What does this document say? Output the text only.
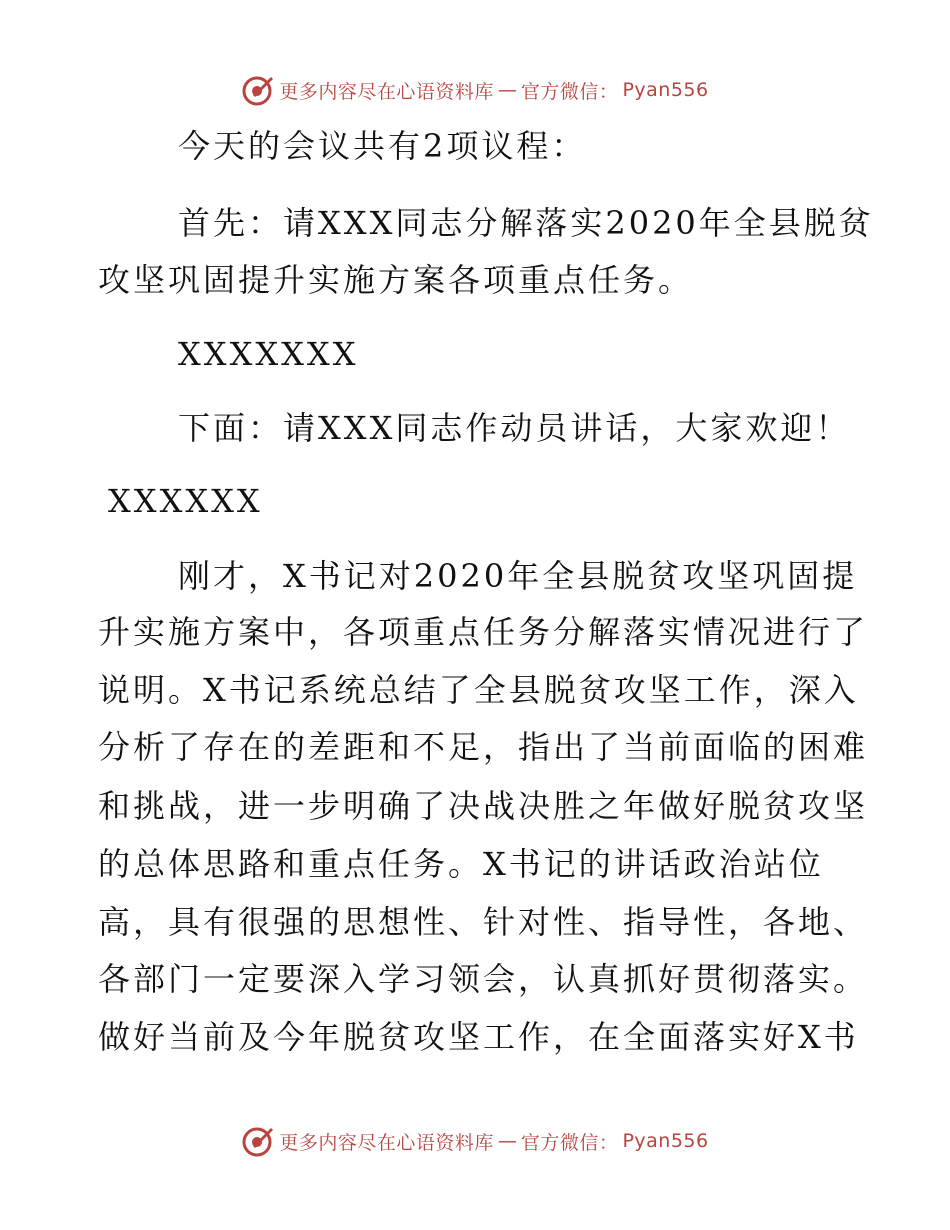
更多内容尽在心语资料库 — 官方微信： Pyan556
今天的会议共有2项议程：
首先：请XXX同志分解落实2020年全县脱贫
攻坚巩固提升实施方案各项重点任务。
XXXXXXX
下面：请XXX同志作动员讲话，大家欢迎！
XXXXXX
刚才，X书记对2020年全县脱贫攻坚巩固提
升实施方案中，各项重点任务分解落实情况进行了
说明。X书记系统总结了全县脱贫攻坚工作，深入
分析了存在的差距和不足，指出了当前面临的困难
和挑战，进一步明确了决战决胜之年做好脱贫攻坚
的总体思路和重点任务。X书记的讲话政治站位
高，具有很强的思想性、针对性、指导性，各地、
各部门一定要深入学习领会，认真抓好贯彻落实。
做好当前及今年脱贫攻坚工作，在全面落实好X书
更多内容尽在心语资料库 — 官方微信： Pyan556
